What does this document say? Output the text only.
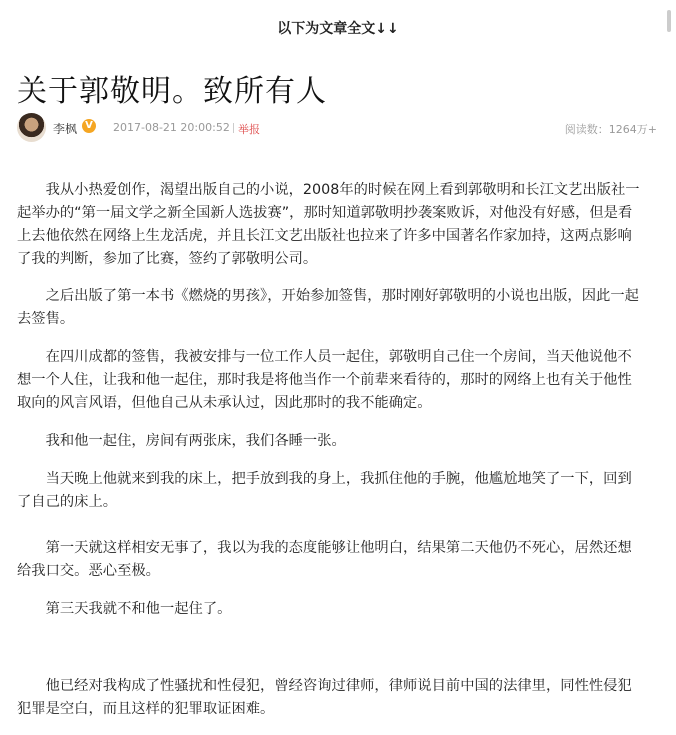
以下为文章全文↓↓
关于郭敬明。致所有人
李枫 V 2017-08-21 20:00:52 举报	阅读数：1264万+

我从小热爱创作，渴望出版自己的小说，2008年的时候在网上看到郭敬明和长江文艺出版社一起举办的“第一届文学之新全国新人选拔赛”，那时知道郭敬明抄袭案败诉，对他没有好感，但是看上去他依然在网络上生龙活虎，并且长江文艺出版社也拉来了许多中国著名作家加持，这两点影响了我的判断，参加了比赛，签约了郭敬明公司。

之后出版了第一本书《燃烧的男孩》，开始参加签售，那时刚好郭敬明的小说也出版，因此一起去签售。

在四川成都的签售，我被安排与一位工作人员一起住，郭敬明自己住一个房间，当天他说他不想一个人住，让我和他一起住，那时我是将他当作一个前辈来看待的，那时的网络上也有关于他性取向的风言风语，但他自己从未承认过，因此那时的我不能确定。

我和他一起住，房间有两张床，我们各睡一张。

当天晚上他就来到我的床上，把手放到我的身上，我抓住他的手腕，他尴尬地笑了一下，回到了自己的床上。

第一天就这样相安无事了，我以为我的态度能够让他明白，结果第二天他仍不死心，居然还想给我口交。恶心至极。

第三天我就不和他一起住了。

他已经对我构成了性骚扰和性侵犯，曾经咨询过律师，律师说目前中国的法律里，同性性侵犯犯罪是空白，而且这样的犯罪取证困难。
